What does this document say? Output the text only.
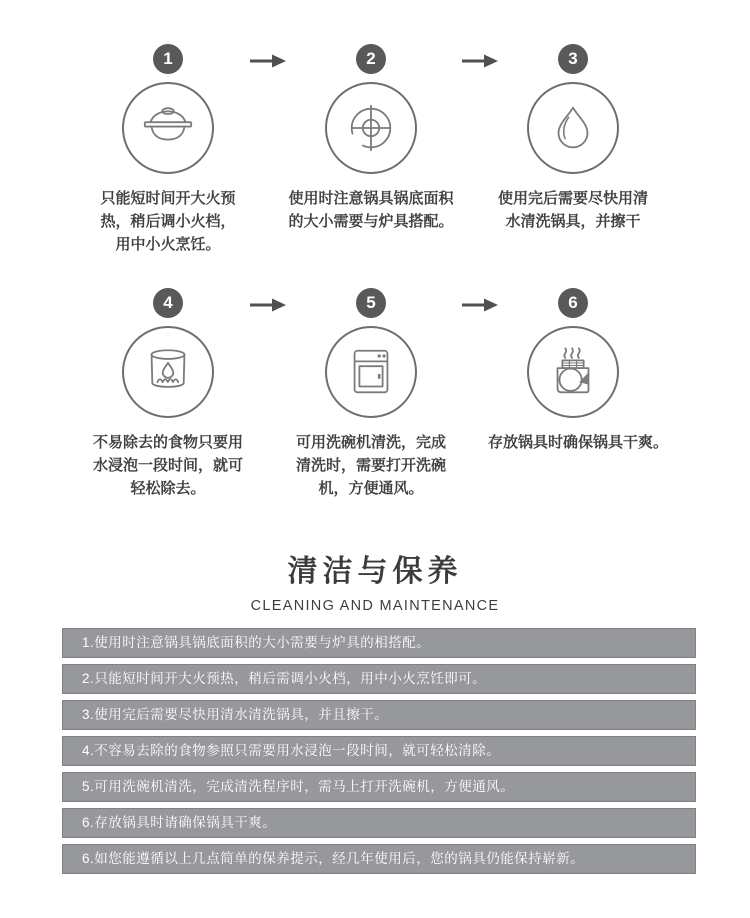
1

只能短时间开大火预热，稍后调小火档，用中小火烹饪。

2

使用时注意锅具锅底面积的大小需要与炉具搭配。

3

使用完后需要尽快用清水清洗锅具，并擦干

4

不易除去的食物只要用水浸泡一段时间，就可轻松除去。

5

可用洗碗机清洗，完成清洗时，需要打开洗碗机，方便通风。

6

存放锅具时确保锅具干爽。

清洁与保养
CLEANING AND MAINTENANCE
1.使用时注意锅具锅底面积的大小需要与炉具的相搭配。
2.只能短时间开大火预热，稍后需调小火档，用中小火烹饪即可。
3.使用完后需要尽快用清水清洗锅具，并且擦干。
4.不容易去除的食物参照只需要用水浸泡一段时间，就可轻松清除。
5.可用洗碗机清洗，完成清洗程序时，需马上打开洗碗机，方便通风。
6.存放锅具时请确保锅具干爽。
6.如您能遵循以上几点简单的保养提示，经几年使用后，您的锅具仍能保持崭新。
